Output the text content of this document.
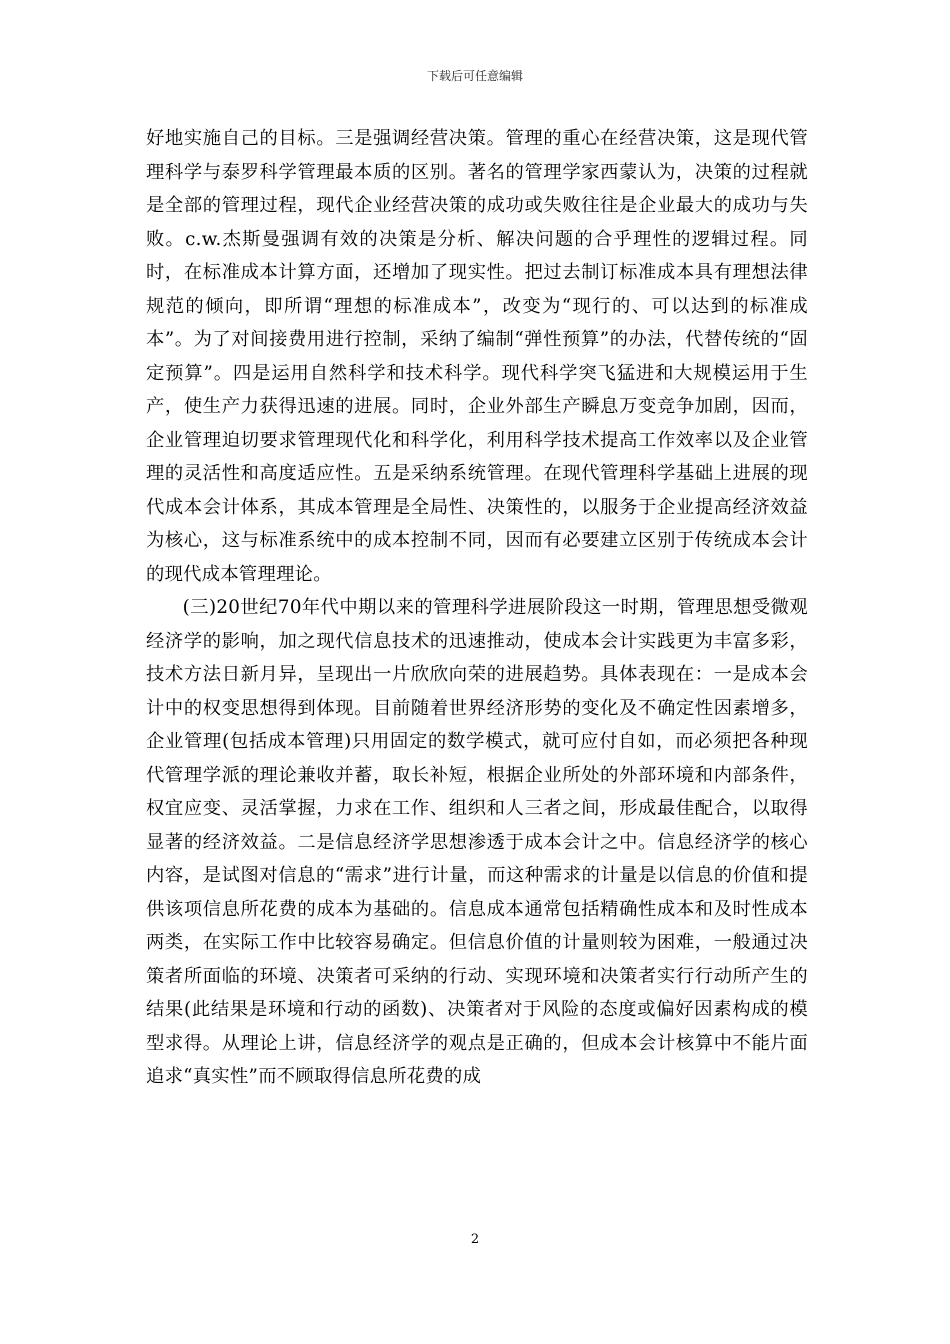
下载后可任意编辑

好地实施自己的目标。三是强调经营决策。管理的重心在经营决策，这是现代管理科学与泰罗科学管理最本质的区别。著名的管理学家西蒙认为，决策的过程就是全部的管理过程，现代企业经营决策的成功或失败往往是企业最大的成功与失败。c.w.杰斯曼强调有效的决策是分析、解决问题的合乎理性的逻辑过程。同时，在标准成本计算方面，还增加了现实性。把过去制订标准成本具有理想法律规范的倾向，即所谓“理想的标准成本”，改变为“现行的、可以达到的标准成本”。为了对间接费用进行控制，采纳了编制“弹性预算”的办法，代替传统的“固定预算”。四是运用自然科学和技术科学。现代科学突飞猛进和大规模运用于生产，使生产力获得迅速的进展。同时，企业外部生产瞬息万变竞争加剧，因而，企业管理迫切要求管理现代化和科学化，利用科学技术提高工作效率以及企业管理的灵活性和高度适应性。五是采纳系统管理。在现代管理科学基础上进展的现代成本会计体系，其成本管理是全局性、决策性的，以服务于企业提高经济效益为核心，这与标准系统中的成本控制不同，因而有必要建立区别于传统成本会计的现代成本管理理论。

(三)20世纪70年代中期以来的管理科学进展阶段这一时期，管理思想受微观经济学的影响，加之现代信息技术的迅速推动，使成本会计实践更为丰富多彩，技术方法日新月异，呈现出一片欣欣向荣的进展趋势。具体表现在：一是成本会计中的权变思想得到体现。目前随着世界经济形势的变化及不确定性因素增多，企业管理(包括成本管理)只用固定的数学模式，就可应付自如，而必须把各种现代管理学派的理论兼收并蓄，取长补短，根据企业所处的外部环境和内部条件，权宜应变、灵活掌握，力求在工作、组织和人三者之间，形成最佳配合，以取得显著的经济效益。二是信息经济学思想渗透于成本会计之中。信息经济学的核心内容，是试图对信息的“需求”进行计量，而这种需求的计量是以信息的价值和提供该项信息所花费的成本为基础的。信息成本通常包括精确性成本和及时性成本两类，在实际工作中比较容易确定。但信息价值的计量则较为困难，一般通过决策者所面临的环境、决策者可采纳的行动、实现环境和决策者实行行动所产生的结果(此结果是环境和行动的函数)、决策者对于风险的态度或偏好因素构成的模型求得。从理论上讲，信息经济学的观点是正确的，但成本会计核算中不能片面追求“真实性”而不顾取得信息所花费的成

2
